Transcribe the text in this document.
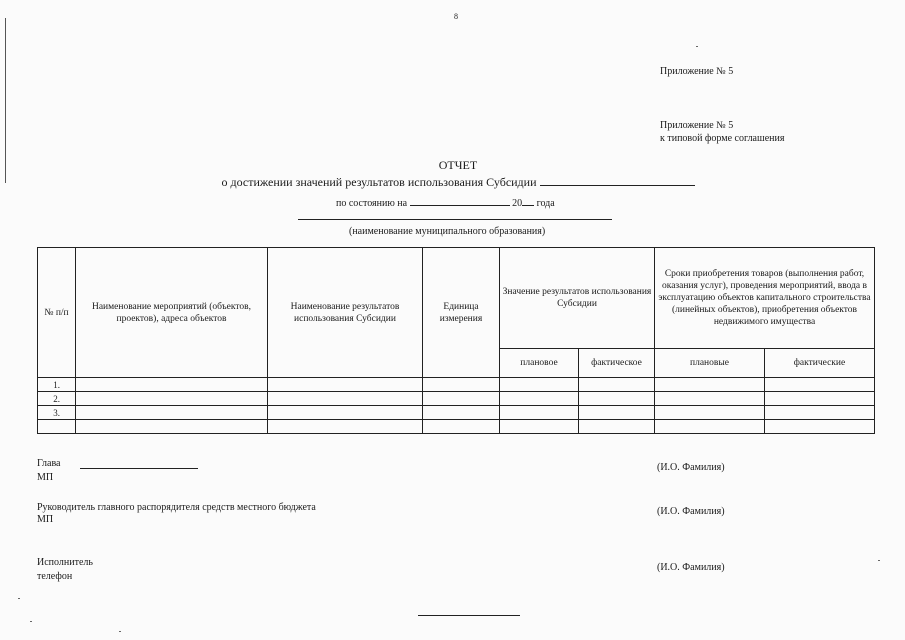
8
Приложение № 5
Приложение № 5
к типовой форме соглашения
ОТЧЕТ
о достижении значений результатов использования Субсидии
по состоянию на	20 года
(наименование муниципального образования)
№ п/п	Наименование мероприятий (объектов, проектов), адреса объектов	Наименование результатов использования Субсидии	Единица измерения	Значение результатов использования Субсидии		Сроки приобретения товаров (выполнения работ, оказания услуг), проведения мероприятий, ввода в эксплуатацию объектов капитального строительства (линейных объектов), приобретения объектов недвижимого имущества	
				плановое	фактическое	плановые	фактические
1.							
2.							
3.							

Глава
МП
(И.О. Фамилия)
Руководитель главного распорядителя средств местного бюджета
МП
(И.О. Фамилия)
Исполнитель
телефон
(И.О. Фамилия)
